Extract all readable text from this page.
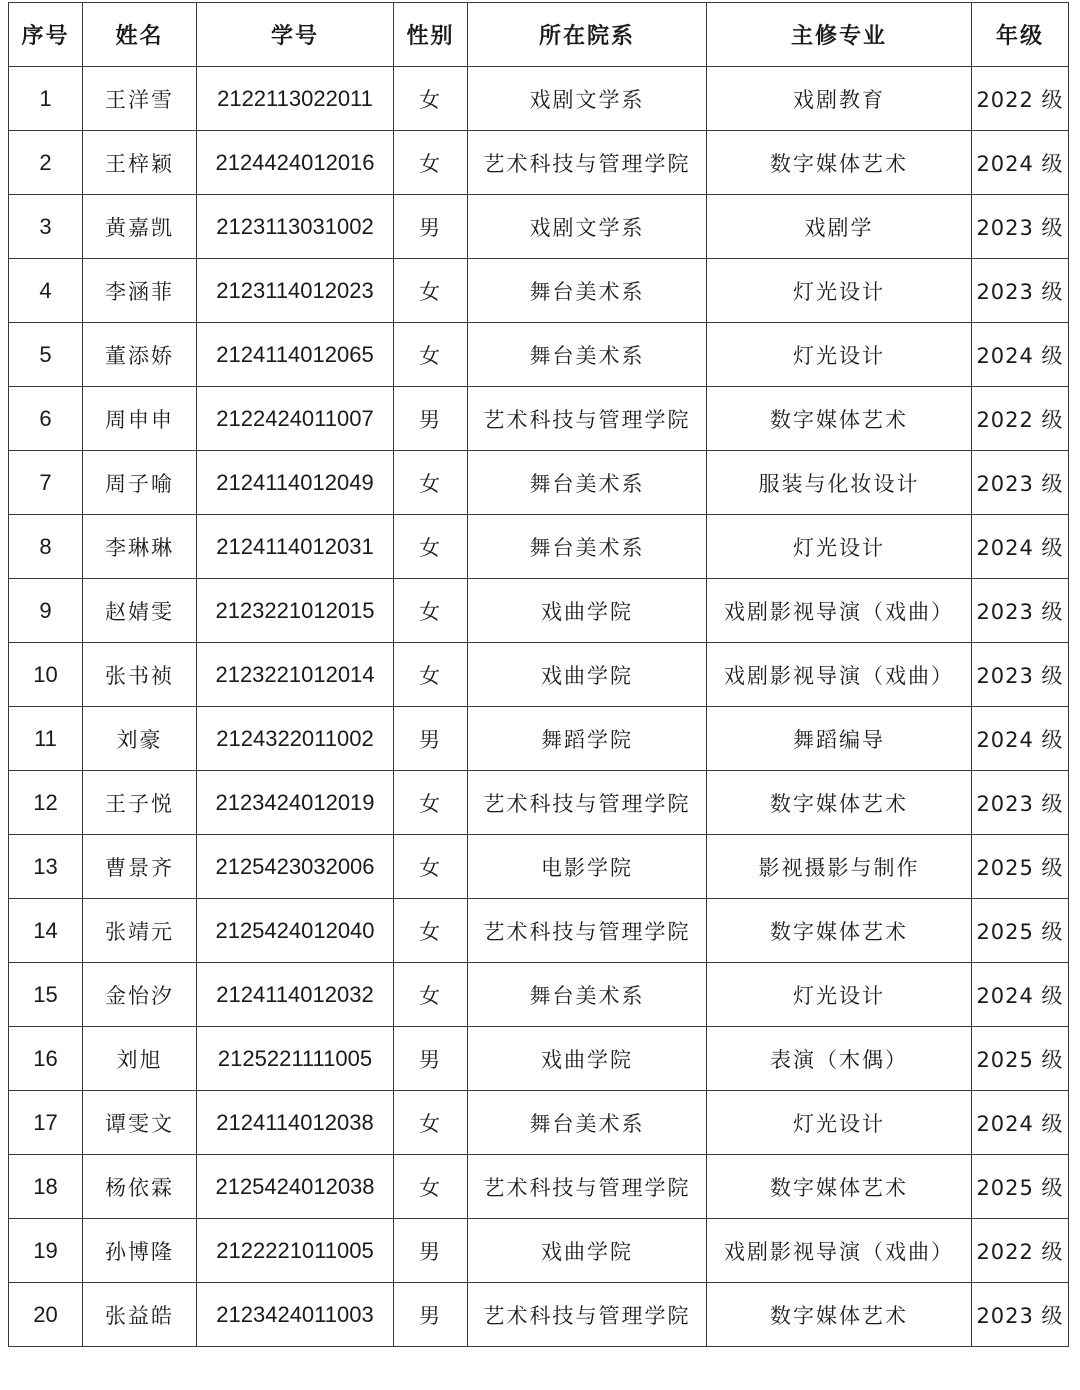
序号	姓名	学号	性别	所在院系	主修专业	年级
1	王洋雪	2122113022011	女	戏剧文学系	戏剧教育	2022 级
2	王梓颖	2124424012016	女	艺术科技与管理学院	数字媒体艺术	2024 级
3	黄嘉凯	2123113031002	男	戏剧文学系	戏剧学	2023 级
4	李涵菲	2123114012023	女	舞台美术系	灯光设计	2023 级
5	董添娇	2124114012065	女	舞台美术系	灯光设计	2024 级
6	周申申	2122424011007	男	艺术科技与管理学院	数字媒体艺术	2022 级
7	周子喻	2124114012049	女	舞台美术系	服装与化妆设计	2023 级
8	李琳琳	2124114012031	女	舞台美术系	灯光设计	2024 级
9	赵婧雯	2123221012015	女	戏曲学院	戏剧影视导演（戏曲）	2023 级
10	张书祯	2123221012014	女	戏曲学院	戏剧影视导演（戏曲）	2023 级
11	刘豪	2124322011002	男	舞蹈学院	舞蹈编导	2024 级
12	王子悦	2123424012019	女	艺术科技与管理学院	数字媒体艺术	2023 级
13	曹景齐	2125423032006	女	电影学院	影视摄影与制作	2025 级
14	张靖元	2125424012040	女	艺术科技与管理学院	数字媒体艺术	2025 级
15	金怡汐	2124114012032	女	舞台美术系	灯光设计	2024 级
16	刘旭	2125221111005	男	戏曲学院	表演（木偶）	2025 级
17	谭雯文	2124114012038	女	舞台美术系	灯光设计	2024 级
18	杨依霖	2125424012038	女	艺术科技与管理学院	数字媒体艺术	2025 级
19	孙博隆	2122221011005	男	戏曲学院	戏剧影视导演（戏曲）	2022 级
20	张益皓	2123424011003	男	艺术科技与管理学院	数字媒体艺术	2023 级
